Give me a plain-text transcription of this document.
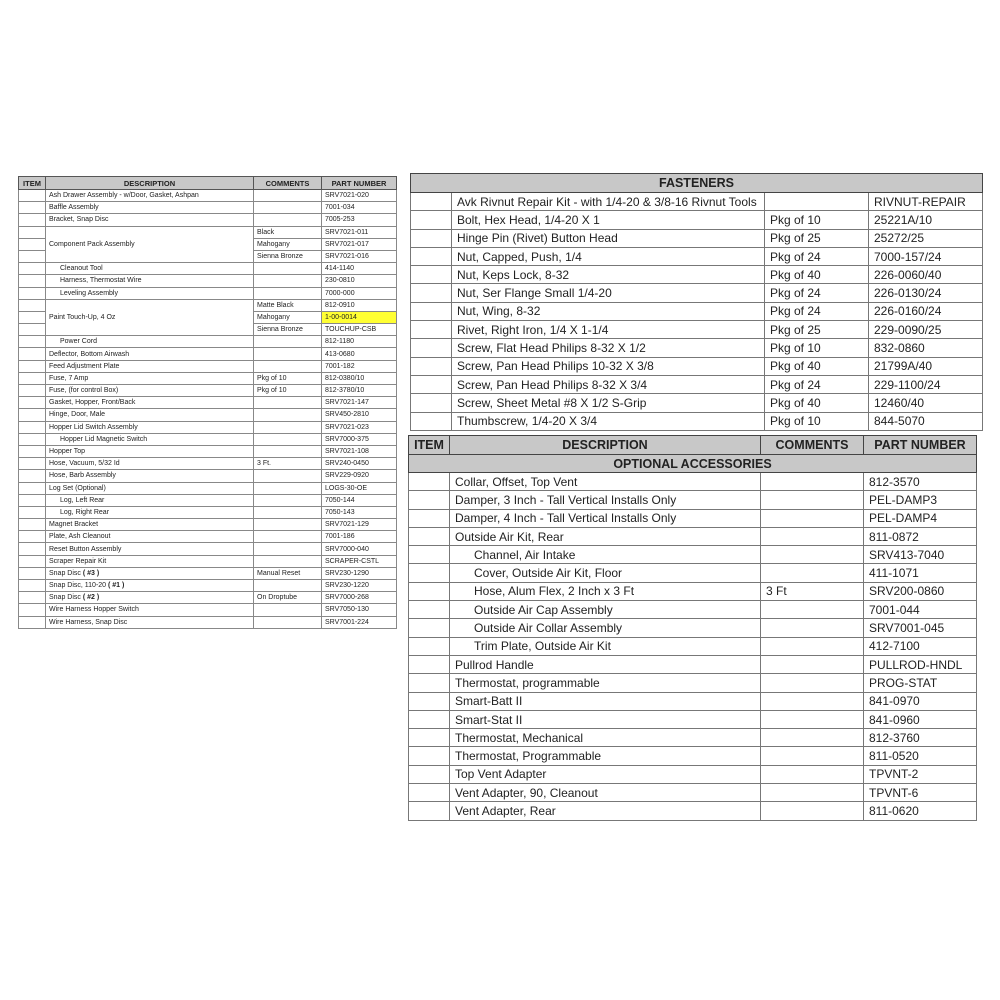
ITEM	DESCRIPTION	COMMENTS	PART NUMBER
	Ash Drawer Assembly - w/Door, Gasket, Ashpan		SRV7021-020
	Baffle Assembly		7001-034
	Bracket, Snap Disc		7005-253
	Component Pack Assembly	Black	SRV7021-011
		Mahogany	SRV7021-017
		Sienna Bronze	SRV7021-016
	Cleanout Tool		414-1140
	Harness, Thermostat Wire		230-0810
	Leveling Assembly		7000-000
	Paint Touch-Up, 4 Oz	Matte Black	812-0910
		Mahogany	1-00-0014
		Sienna Bronze	TOUCHUP-CSB
	Power Cord		812-1180
	Deflector, Bottom Airwash		413-0680
	Feed Adjustment Plate		7001-182
	Fuse, 7 Amp	Pkg of 10	812-0380/10
	Fuse, (for control Box)	Pkg of 10	812-3780/10
	Gasket, Hopper, Front/Back		SRV7021-147
	Hinge, Door, Male		SRV450-2810
	Hopper Lid Switch Assembly		SRV7021-023
	Hopper Lid Magnetic Switch		SRV7000-375
	Hopper Top		SRV7021-108
	Hose, Vacuum, 5/32 Id	3 Ft.	SRV240-0450
	Hose, Barb Assembly		SRV229-0920
	Log Set (Optional)		LOGS-30-OE
	Log, Left Rear		7050-144
	Log, Right Rear		7050-143
	Magnet Bracket		SRV7021-129
	Plate, Ash Cleanout		7001-186
	Reset Button Assembly		SRV7000-040
	Scraper Repair Kit		SCRAPER-CSTL
	Snap Disc ( #3 )	Manual Reset	SRV230-1290
	Snap Disc, 110-20 ( #1 )		SRV230-1220
	Snap Disc ( #2 )	On Droptube	SRV7000-268
	Wire Harness Hopper Switch		SRV7050-130
	Wire Harness, Snap Disc		SRV7001-224
FASTENERS			
	Avk Rivnut Repair Kit - with 1/4-20 & 3/8-16 Rivnut Tools		RIVNUT-REPAIR
	Bolt, Hex Head, 1/4-20 X 1	Pkg of 10	25221A/10
	Hinge Pin (Rivet) Button Head	Pkg of 25	25272/25
	Nut, Capped, Push, 1/4	Pkg of 24	7000-157/24
	Nut, Keps Lock, 8-32	Pkg of 40	226-0060/40
	Nut, Ser Flange Small 1/4-20	Pkg of 24	226-0130/24
	Nut, Wing, 8-32	Pkg of 24	226-0160/24
	Rivet, Right Iron, 1/4 X 1-1/4	Pkg of 25	229-0090/25
	Screw, Flat Head Philips 8-32 X 1/2	Pkg of 10	832-0860
	Screw, Pan Head Philips 10-32 X 3/8	Pkg of 40	21799A/40
	Screw, Pan Head Philips 8-32 X 3/4	Pkg of 24	229-1100/24
	Screw, Sheet Metal #8 X 1/2 S-Grip	Pkg of 40	12460/40
	Thumbscrew, 1/4-20 X 3/4	Pkg of 10	844-5070
ITEM	DESCRIPTION	COMMENTS	PART NUMBER
OPTIONAL ACCESSORIES			
	Collar, Offset, Top Vent		812-3570
	Damper, 3 Inch - Tall Vertical Installs Only		PEL-DAMP3
	Damper, 4 Inch - Tall Vertical Installs Only		PEL-DAMP4
	Outside Air Kit, Rear		811-0872
	Channel, Air Intake		SRV413-7040
	Cover, Outside Air Kit, Floor		411-1071
	Hose, Alum Flex, 2 Inch x 3 Ft	3 Ft	SRV200-0860
	Outside Air Cap Assembly		7001-044
	Outside Air Collar Assembly		SRV7001-045
	Trim Plate, Outside Air Kit		412-7100
	Pullrod Handle		PULLROD-HNDL
	Thermostat, programmable		PROG-STAT
	Smart-Batt II		841-0970
	Smart-Stat II		841-0960
	Thermostat, Mechanical		812-3760
	Thermostat, Programmable		811-0520
	Top Vent Adapter		TPVNT-2
	Vent Adapter, 90, Cleanout		TPVNT-6
	Vent Adapter, Rear		811-0620
